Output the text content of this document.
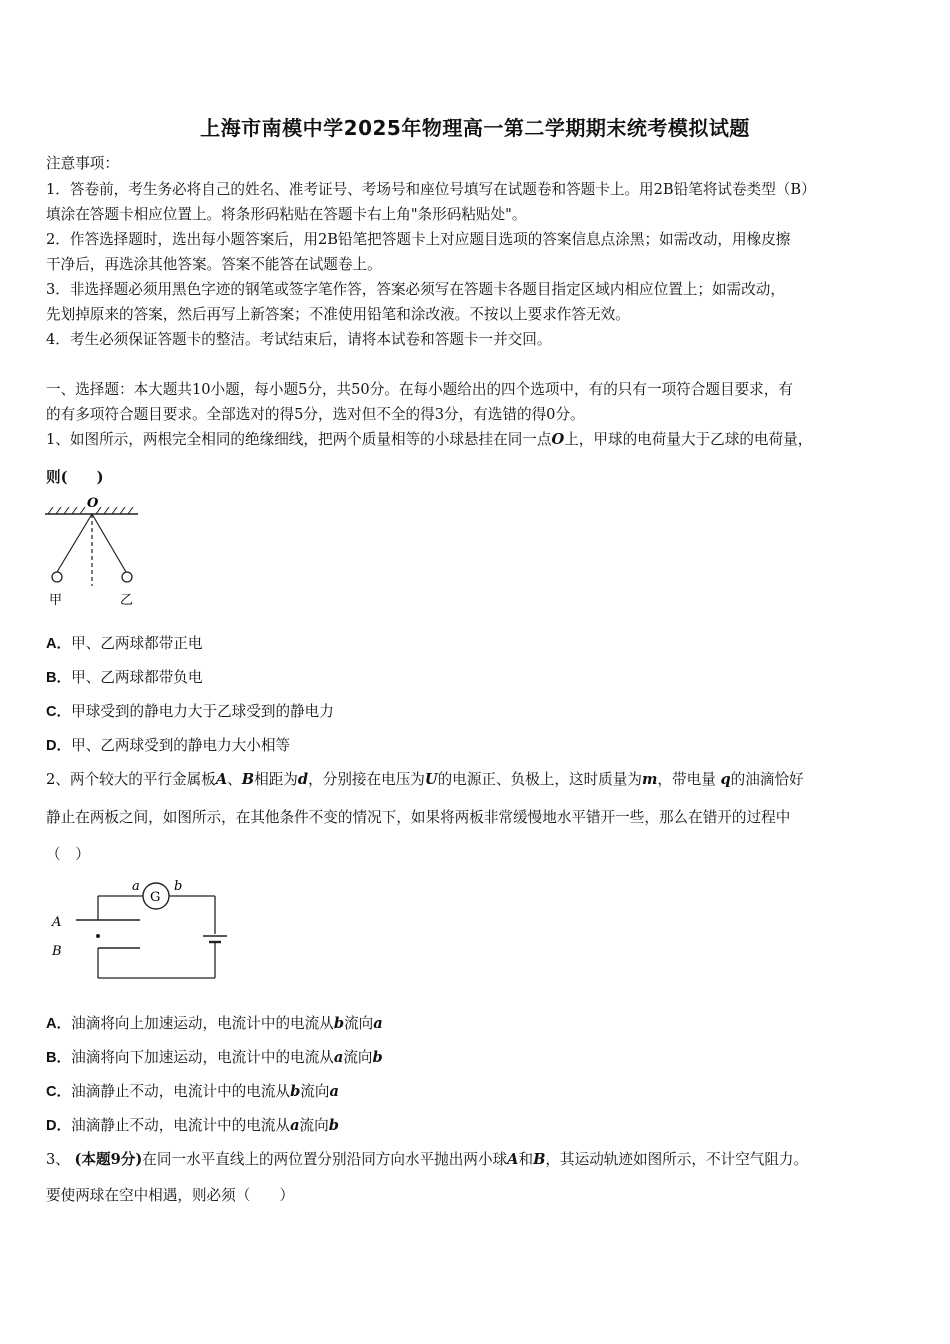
上海市南模中学2025年物理高一第二学期期末统考模拟试题
注意事项：
1．答卷前，考生务必将自己的姓名、准考证号、考场号和座位号填写在试题卷和答题卡上。用2B铅笔将试卷类型（B）
填涂在答题卡相应位置上。将条形码粘贴在答题卡右上角"条形码粘贴处"。
2．作答选择题时，选出每小题答案后，用2B铅笔把答题卡上对应题目选项的答案信息点涂黑；如需改动，用橡皮擦
干净后，再选涂其他答案。答案不能答在试题卷上。
3．非选择题必须用黑色字迹的钢笔或签字笔作答，答案必须写在答题卡各题目指定区域内相应位置上；如需改动，
先划掉原来的答案，然后再写上新答案；不准使用铅笔和涂改液。不按以上要求作答无效。
4．考生必须保证答题卡的整洁。考试结束后，请将本试卷和答题卡一并交回。
一、选择题：本大题共10小题，每小题5分，共50分。在每小题给出的四个选项中，有的只有一项符合题目要求，有
的有多项符合题目要求。全部选对的得5分，选对但不全的得3分，有选错的得0分。
1、如图所示，两根完全相同的绝缘细线，把两个质量相等的小球悬挂在同一点O上，甲球的电荷量大于乙球的电荷量，
则(　　)
O
甲	乙
A．甲、乙两球都带正电
B．甲、乙两球都带负电
C．甲球受到的静电力大于乙球受到的静电力
D．甲、乙两球受到的静电力大小相等
2、两个较大的平行金属板A、B相距为d，分别接在电压为U的电源正、负极上，这时质量为m，带电量 q的油滴恰好
静止在两板之间，如图所示，在其他条件不变的情况下，如果将两板非常缓慢地水平错开一些，那么在错开的过程中
（　）
a	b
G
A
B
A．油滴将向上加速运动，电流计中的电流从b流向a
B．油滴将向下加速运动，电流计中的电流从a流向b
C．油滴静止不动，电流计中的电流从b流向a
D．油滴静止不动，电流计中的电流从a流向b
3、 (本题9分)在同一水平直线上的两位置分别沿同方向水平抛出两小球A和B，其运动轨迹如图所示，不计空气阻力。
要使两球在空中相遇，则必须（　　）
